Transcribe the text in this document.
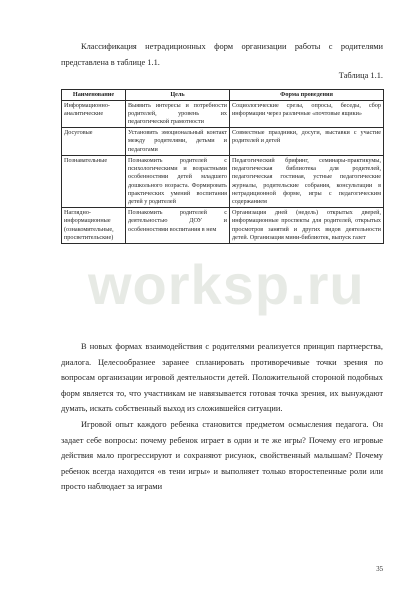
Классификация нетрадиционных форм организации работы с родителями представлена в таблице 1.1.

Таблица 1.1.

Наименование	Цель	Форма проведения
Информационно-аналитические	Выявить интересы и потребности родителей, уровень их педагогической грамотности	Социологические срезы, опросы, беседы, сбор информации через различные «почтовые ящики»
Досуговые	Установить эмоциональный контакт между родителями, детьми и педагогами	Совместные праздники, досуги, выставки с участие родителей и детей
Познавательные	Познакомить родителей с психологическими и возрастными особенностями детей младшего дошкольного возраста. Формировать практических умений воспитания детей у родителей	Педагогический брифинг, семинары-практикумы, педагогическая библиотека для родителей, педагогическая гостиная, устные педагогические журналы, родительские собрания, консультации в нетрадиционной форме, игры с педагогическим содержанием
Наглядно-информационные (ознакомительные, просветительские)	Познакомить родителей с деятельностью ДОУ и особенностями воспитания в нем	Организация дней (недель) открытых дверей, информационные проспекты для родителей, открытых просмотров занятий и других видов деятельности детей. Организация мини-библиотек, выпуск газет
worksp.ru

В новых формах взаимодействия с родителями реализуется принцип партнерства, диалога. Целесообразнее заранее спланировать противоречивые точки зрения по вопросам организации игровой деятельности детей. Положительной стороной подобных форм является то, что участникам не навязывается готовая точка зрения, их вынуждают думать, искать собственный выход из сложившейся ситуации.

Игровой опыт каждого ребенка становится предметом осмысления педагога. Он задает себе вопросы: почему ребенок играет в одни и те же игры? Почему его игровые действия мало прогрессируют и сохраняют рисунок, свойственный малышам? Почему ребенок всегда находится «в тени игры» и выполняет только второстепенные роли или просто наблюдает за играми

35
